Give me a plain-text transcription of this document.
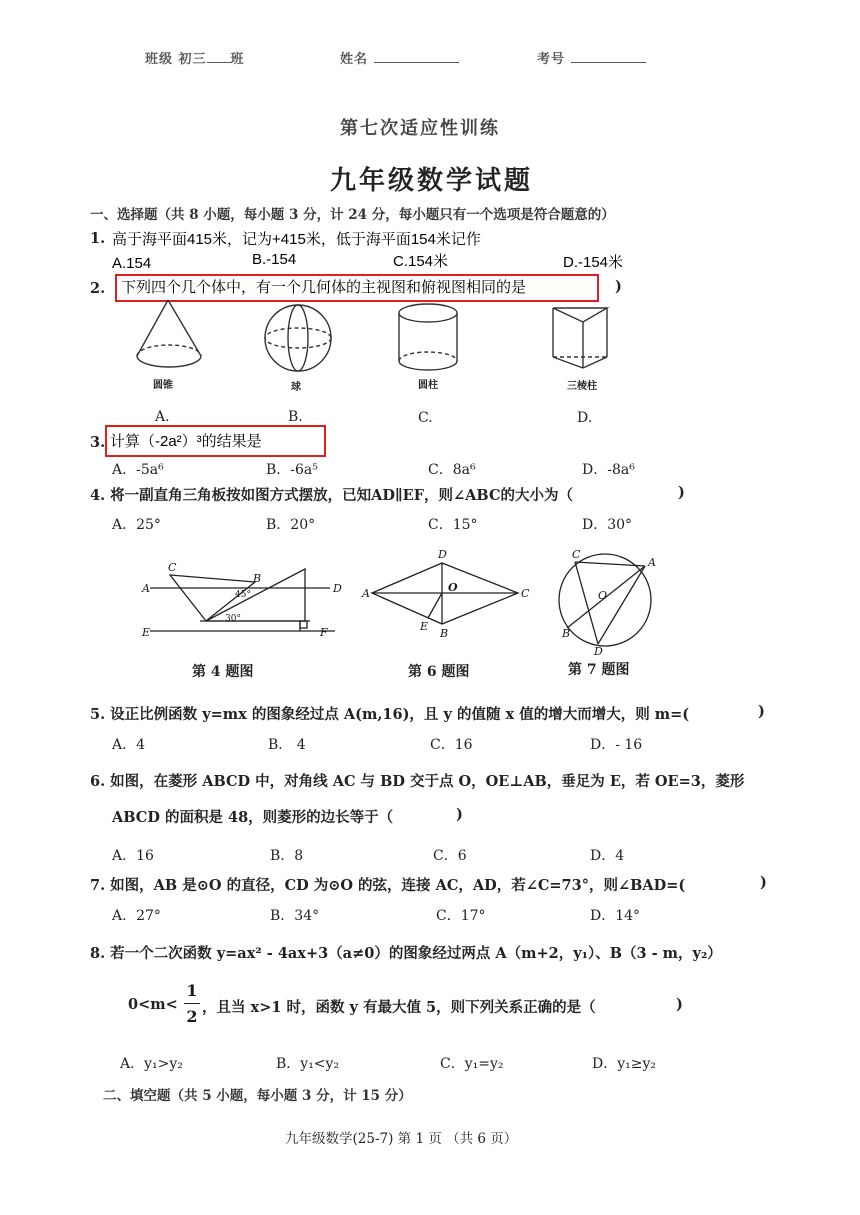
班级 初三 班	姓名	考号
第七次适应性训练
九年级数学试题
一、选择题（共 8 小题，每小题 3 分，计 24 分，每小题只有一个选项是符合题意的）
1. 高于海平面415米，记为+415米，低于海平面154米记作
A.154	B.-154	C.154米	D.-154米
2. 下列四个几个体中，有一个几何体的主视图和俯视图相同的是	)
圆锥	球	圆柱	三棱柱
A.	B.	C.	D.
3. 计算（-2a²）³的结果是
A．-5a⁶	B．-6a⁵	C．8a⁶	D．-8a⁶
4. 将一副直角三角板按如图方式摆放，已知AD∥EF，则∠ABC的大小为（	)
A．25°	B．20°	C．15°	D．30°
C
B
A	D
45°
30°
E	F
D
A	O	C
E
B
C
A
O
B
D
第 4 题图	第 6 题图	第 7 题图
5. 设正比例函数 y=mx 的图象经过点 A(m,16)，且 y 的值随 x 值的增大而增大，则 m=(	)
A．4	B． 4	C．16	D．- 16
6. 如图，在菱形 ABCD 中，对角线 AC 与 BD 交于点 O，OE⊥AB，垂足为 E，若 OE=3，菱形
ABCD 的面积是 48，则菱形的边长等于（	)
A．16	B．8	C．6	D．4
7. 如图，AB 是⊙O 的直径，CD 为⊙O 的弦，连接 AC，AD，若∠C=73°，则∠BAD=(	)
A．27°	B．34°	C．17°	D．14°
8. 若一个二次函数 y=ax² - 4ax+3（a≠0）的图象经过两点 A（m+2，y₁）、B（3 - m，y₂）
0<m<
1
2 ，且当 x>1 时，函数 y 有最大值 5，则下列关系正确的是（	)
A．y₁>y₂	B．y₁<y₂	C．y₁=y₂	D．y₁≥y₂
二、填空题（共 5 小题，每小题 3 分，计 15 分）
九年级数学(25-7) 第 1 页 （共 6 页）
